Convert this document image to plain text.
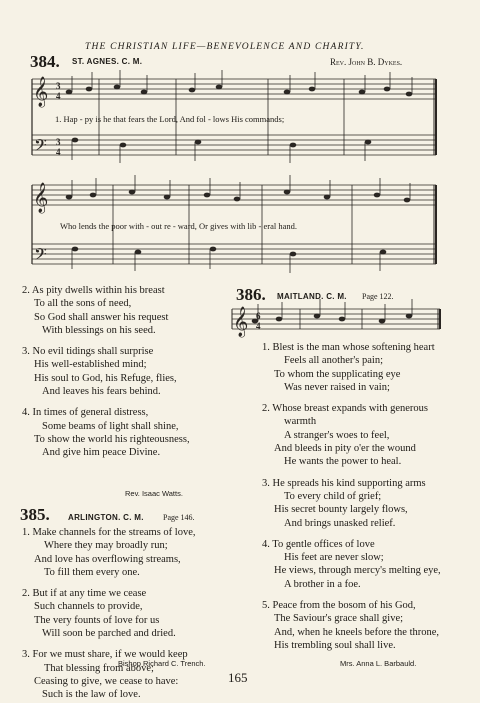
𝄞
𝄢
𝄞
𝄢
𝄞
3
4
3
4
6
4
THE CHRISTIAN LIFE—BENEVOLENCE AND CHARITY.
384. ST. AGNES. C. M.	Rev. John B. Dykes.
1. Hap - py is he that fears the Lord, And fol - lows His commands;
Who lends the poor with - out re - ward, Or gives with lib - eral hand.
2. As pity dwells within his breast
To all the sons of need,
So God shall answer his request
With blessings on his seed.
3. No evil tidings shall surprise
His well-established mind;
His soul to God, his Refuge, flies,
And leaves his fears behind.
4. In times of general distress,
Some beams of light shall shine,
To show the world his righteousness,
And give him peace Divine.
Rev. Isaac Watts.
385. ARLINGTON. C. M. Page 146.
1. Make channels for the streams of love,
Where they may broadly run;
And love has overflowing streams,
To fill them every one.
2. But if at any time we cease
Such channels to provide,
The very founts of love for us
Will soon be parched and dried.
3. For we must share, if we would keep
That blessing from above;
Ceasing to give, we cease to have:
Such is the law of love.
Bishop Richard C. Trench.
386. MAITLAND. C. M. Page 122.
1. Blest is the man whose softening heart
Feels all another's pain;
To whom the supplicating eye
Was never raised in vain;
2. Whose breast expands with generous
warmth
A stranger's woes to feel,
And bleeds in pity o'er the wound
He wants the power to heal.
3. He spreads his kind supporting arms
To every child of grief;
His secret bounty largely flows,
And brings unasked relief.
4. To gentle offices of love
His feet are never slow;
He views, through mercy's melting eye,
A brother in a foe.
5. Peace from the bosom of his God,
The Saviour's grace shall give;
And, when he kneels before the throne,
His trembling soul shall live.
Mrs. Anna L. Barbauld.
165
